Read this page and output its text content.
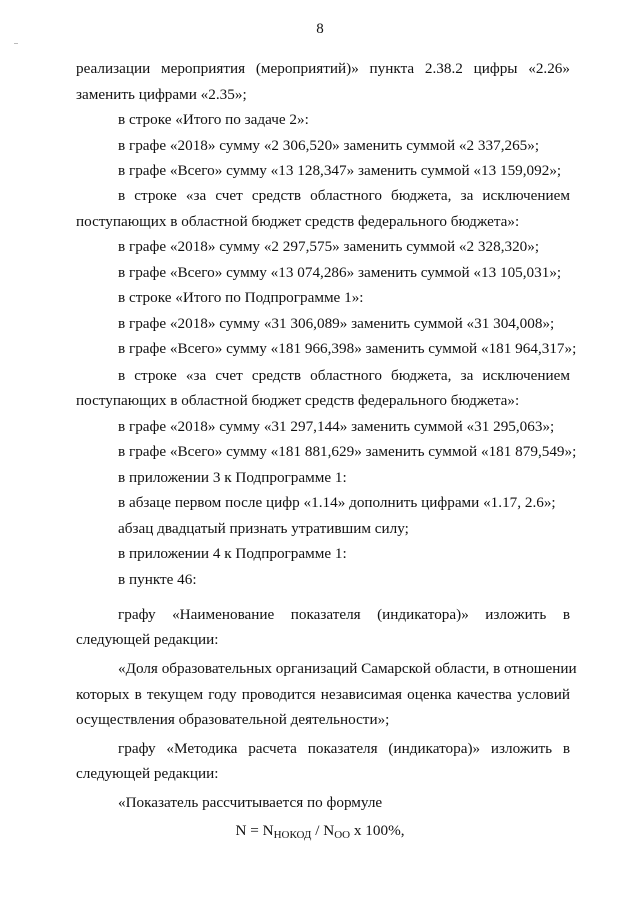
8
реализации мероприятия (мероприятий)» пункта 2.38.2 цифры «2.26»
заменить цифрами «2.35»;
в строке «Итого по задаче 2»:
в графе «2018» сумму «2 306,520» заменить суммой «2 337,265»;
в графе «Всего» сумму «13 128,347» заменить суммой «13 159,092»;
в строке «за счет средств областного бюджета, за исключением
поступающих в областной бюджет средств федерального бюджета»:
в графе «2018» сумму «2 297,575» заменить суммой «2 328,320»;
в графе «Всего» сумму «13 074,286» заменить суммой «13 105,031»;
в строке «Итого по Подпрограмме 1»:
в графе «2018» сумму «31 306,089» заменить суммой «31 304,008»;
в графе «Всего» сумму «181 966,398» заменить суммой «181 964,317»;
в строке «за счет средств областного бюджета, за исключением
поступающих в областной бюджет средств федерального бюджета»:
в графе «2018» сумму «31 297,144» заменить суммой «31 295,063»;
в графе «Всего» сумму «181 881,629» заменить суммой «181 879,549»;
в приложении 3 к Подпрограмме 1:
в абзаце первом после цифр «1.14» дополнить цифрами «1.17, 2.6»;
абзац двадцатый признать утратившим силу;
в приложении 4 к Подпрограмме 1:
в пункте 46:
графу «Наименование показателя (индикатора)» изложить в
следующей редакции:
«Доля образовательных организаций Самарской области, в отношении
которых в текущем году проводится независимая оценка качества условий
осуществления образовательной деятельности»;
графу «Методика расчета показателя (индикатора)» изложить в
следующей редакции:
«Показатель рассчитывается по формуле
$N = N_{НОКОД} / N_{ОО}$ x 100%,
